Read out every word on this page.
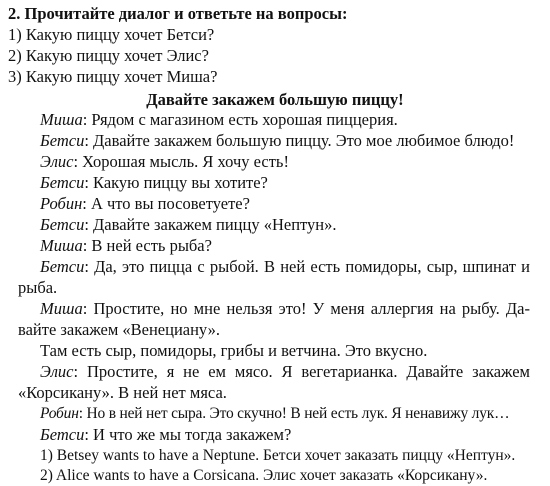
2. Прочитайте диалог и ответьте на вопросы:
1) Какую пиццу хочет Бетси?
2) Какую пиццу хочет Элис?
3) Какую пиццу хочет Миша?
Давайте закажем большую пиццу!
Миша: Рядом с магазином есть хорошая пиццерия.
Бетси: Давайте закажем большую пиццу. Это мое любимое блюдо!
Элис: Хорошая мысль. Я хочу есть!
Бетси: Какую пиццу вы хотите?
Робин: А что вы посоветуете?
Бетси: Давайте закажем пиццу «Нептун».
Миша: В ней есть рыба?
Бетси: Да, это пицца с рыбой. В ней есть помидоры, сыр, шпинат и
рыба.
Миша: Простите, но мне нельзя это! У меня аллергия на рыбу. Да-
вайте закажем «Венециану».
Там есть сыр, помидоры, грибы и ветчина. Это вкусно.
Элис: Простите, я не ем мясо. Я вегетарианка. Давайте закажем
«Корсикану». В ней нет мяса.
Робин: Но в ней нет сыра. Это скучно! В ней есть лук. Я ненавижу лук…
Бетси: И что же мы тогда закажем?
1) Betsey wants to have a Neptune. Бетси хочет заказать пиццу «Нептун».
2) Alice wants to have a Corsicana. Элис хочет заказать «Корсикану».
